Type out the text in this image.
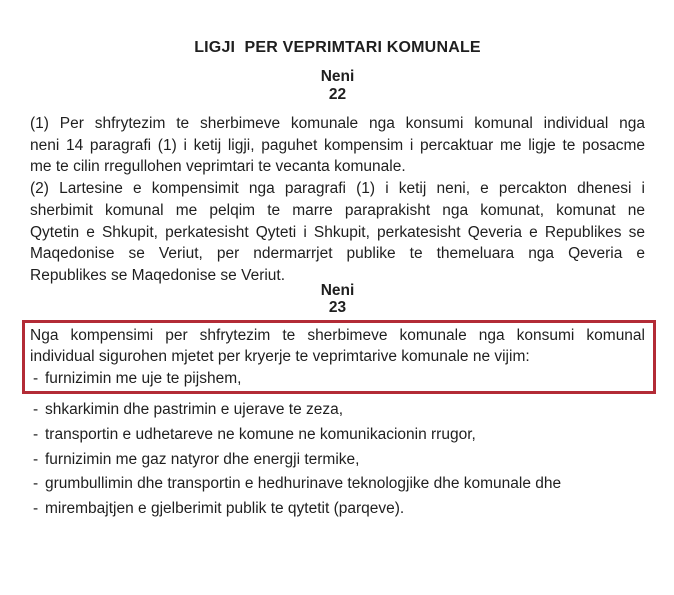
LIGJI  PER VEPRIMTARI KOMUNALE
Neni
22
(1) Per shfrytezim te sherbimeve komunale nga konsumi komunal individual nga
neni 14 paragrafi (1) i ketij ligji, paguhet kompensim i percaktuar me ligje te posacme
me te cilin rregullohen veprimtari te vecanta komunale.
(2) Lartesine e kompensimit nga paragrafi (1) i ketij neni, e percakton dhenesi i
sherbimit komunal me pelqim te marre paraprakisht nga komunat, komunat ne
Qytetin e Shkupit, perkatesisht Qyteti i Shkupit, perkatesisht Qeveria e Republikes se
Maqedonise se Veriut, per ndermarrjet publike te themeluara nga Qeveria e
Republikes se Maqedonise se Veriut.
Neni
23
Nga kompensimi per shfrytezim te sherbimeve komunale nga konsumi komunal
individual sigurohen mjetet per kryerje te veprimtarive komunale ne vijim:
- furnizimin me uje te pijshem,
- shkarkimin dhe pastrimin e ujerave te zeza,
- transportin e udhetareve ne komune ne komunikacionin rrugor,
- furnizimin me gaz natyror dhe energji termike,
- grumbullimin dhe transportin e hedhurinave teknologjike dhe komunale dhe
- mirembajtjen e gjelberimit publik te qytetit (parqeve).
